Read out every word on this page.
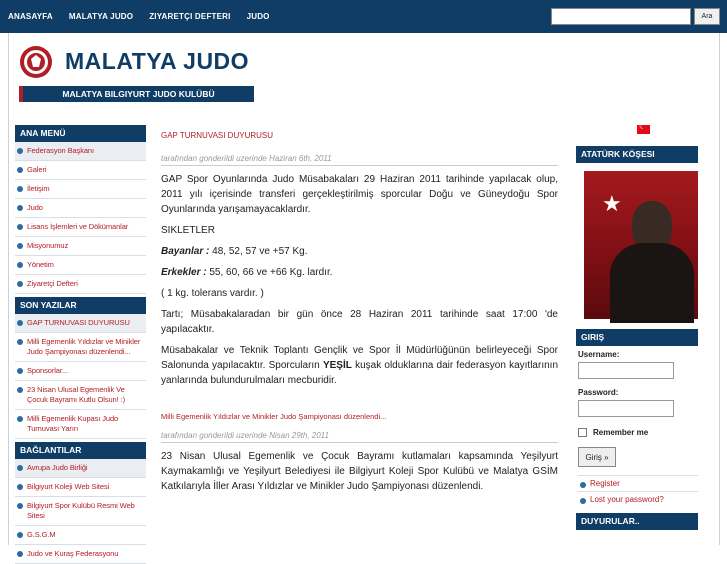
ANASAYFA MALATYA JUDO ZIYARETÇI DEFTERI JUDO	Ara
MALATYA JUDO
MALATYA BILGIYURT JUDO KULÜBÜ
ANA MENÜ
Federasyon Başkanı
Galeri
İletişim
Judo
Lisans İşlemleri ve Dökümanlar
Misyonumuz
Yönetim
Ziyaretçi Defteri
SON YAZILAR
GAP TURNUVASI DUYURUSU
Milli Egemenlik Yıldızlar ve Minikler Judo Şampiyonası düzenlendi...
Sponsorlar...
23 Nisan Ulusal Egemenlik Ve Çocuk Bayramı Kutlu Olsun! :)
Milli Egemenlik Kupası Judo Turnuvası Yarın
BAĞLANTILAR
Avrupa Judo Birliği
Bilgiyurt Koleji Web Sitesi
Bilgiyurt Spor Kulübü Resmi Web Sitesi
G.S.G.M
Judo ve Kuraş Federasyonu
GAP TURNUVASI DUYURUSU
tarafından gonderildi uzerinde Haziran 6th, 2011

GAP Spor Oyunlarında Judo Müsabakaları 29 Haziran 2011 tarihinde yapılacak olup, 2011 yılı içerisinde transferi gerçekleştirilmiş sporcular Doğu ve Güneydoğu Spor Oyunlarında yarışamayacaklardır.

SIKLETLER

Bayanlar : 48, 52, 57 ve +57 Kg.

Erkekler : 55, 60, 66 ve +66 Kg. lardır.

( 1 kg. tolerans vardır. )

Tartı; Müsabakalaradan bir gün önce 28 Haziran 2011 tarihinde saat 17:00 'de yapılacaktır.

Müsabakalar ve Teknik Toplantı Gençlik ve Spor İl Müdürlüğünün belirleyeceği Spor Salonunda yapılacaktır. Sporcuların YEŞİL kuşak olduklarına dair federasyon kayıtlarının yanlarında bulundurulmaları mecburidir.

Milli Egemenlik Yıldızlar ve Minikler Judo Şampiyonası düzenlendi...
tarafından gonderildi uzerinde Nisan 29th, 2011

23 Nisan Ulusal Egemenlik ve Çocuk Bayramı kutlamaları kapsamında Yeşilyurt Kaymakamlığı ve Yeşilyurt Belediyesi ile Bilgiyurt Koleji Spor Kulübü ve Malatya GSİM Katkılarıyla İller Arası Yıldızlar ve Minikler Judo Şampiyonası düzenlendi.

☾
ATATÜRK KÖŞESI
★
GIRIŞ
Username:
Password:
Remember me
Giriş »
Register
Lost your password?
DUYURULAR..
